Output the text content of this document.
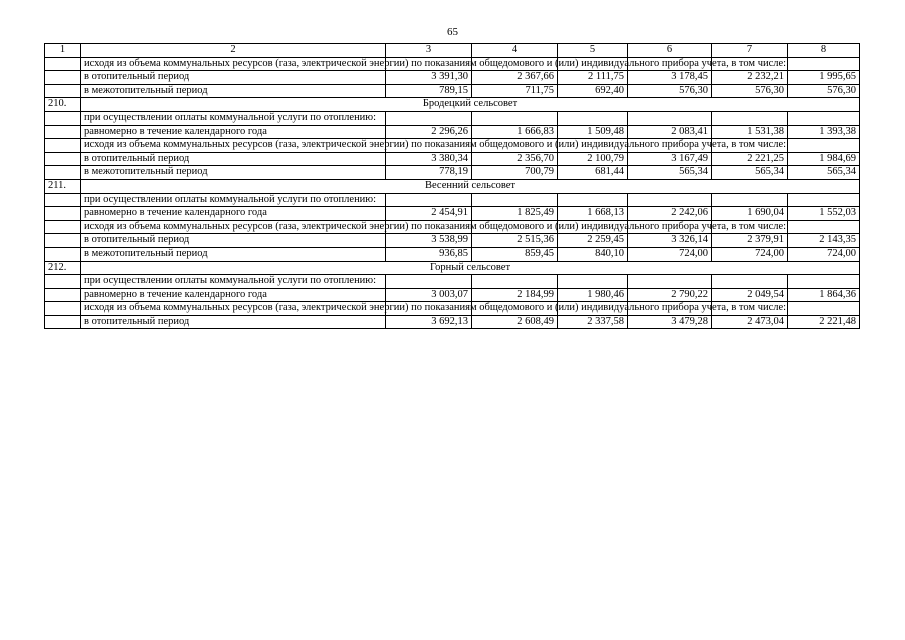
65
1	2	3	4	5	6	7	8
	исходя из объема коммунальных ресурсов (газа, электрической энергии) по показаниям общедомового и (или) индивидуального прибора учета, в том числе:						
	в отопительный период	3 391,30	2 367,66	2 111,75	3 178,45	2 232,21	1 995,65
	в межотопительный период	789,15	711,75	692,40	576,30	576,30	576,30
210.	Бродецкий сельсовет						
	при осуществлении оплаты коммунальной услуги по отоплению:						
	равномерно в течение календарного года	2 296,26	1 666,83	1 509,48	2 083,41	1 531,38	1 393,38
	исходя из объема коммунальных ресурсов (газа, электрической энергии) по показаниям общедомового и (или) индивидуального прибора учета, в том числе:						
	в отопительный период	3 380,34	2 356,70	2 100,79	3 167,49	2 221,25	1 984,69
	в межотопительный период	778,19	700,79	681,44	565,34	565,34	565,34
211.	Весенний сельсовет						
	при осуществлении оплаты коммунальной услуги по отоплению:						
	равномерно в течение календарного года	2 454,91	1 825,49	1 668,13	2 242,06	1 690,04	1 552,03
	исходя из объема коммунальных ресурсов (газа, электрической энергии) по показаниям общедомового и (или) индивидуального прибора учета, в том числе:						
	в отопительный период	3 538,99	2 515,36	2 259,45	3 326,14	2 379,91	2 143,35
	в межотопительный период	936,85	859,45	840,10	724,00	724,00	724,00
212.	Горный сельсовет						
	при осуществлении оплаты коммунальной услуги по отоплению:						
	равномерно в течение календарного года	3 003,07	2 184,99	1 980,46	2 790,22	2 049,54	1 864,36
	исходя из объема коммунальных ресурсов (газа, электрической энергии) по показаниям общедомового и (или) индивидуального прибора учета, в том числе:						
	в отопительный период	3 692,13	2 608,49	2 337,58	3 479,28	2 473,04	2 221,48
